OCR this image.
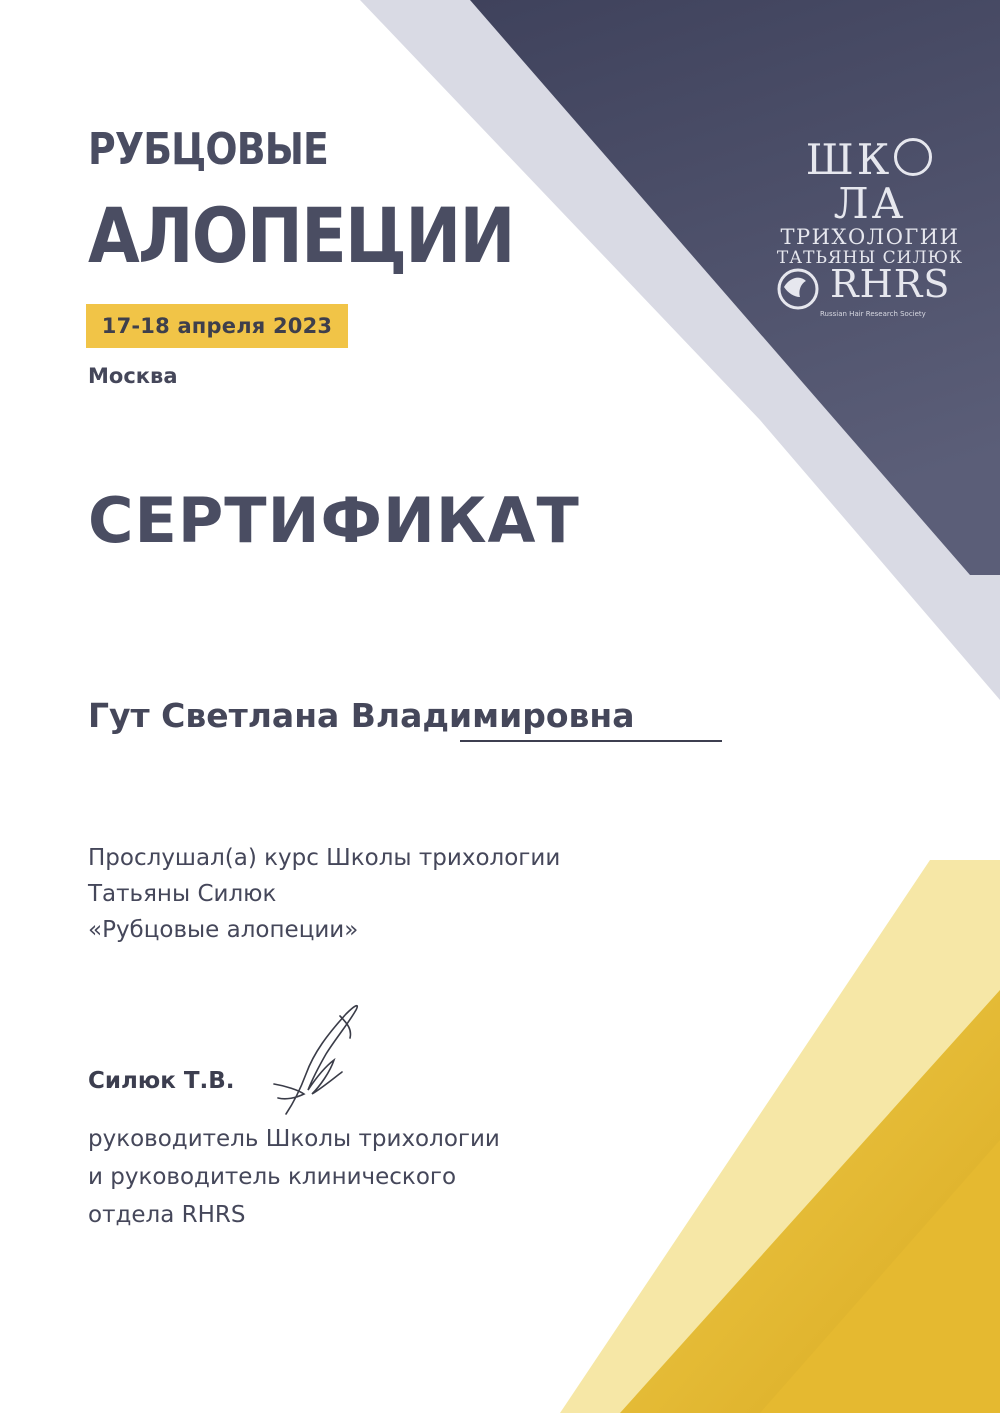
РУБЦОВЫЕ
АЛОПЕЦИИ
17-18 апреля 2023
Москва
ШКЛА
ТРИХОЛОГИИ
ТАТЬЯНЫ СИЛЮК
RHRS
Russian Hair Research Society
СЕРТИФИКАТ

Гут Светлана Владимировна

Прослушал(а) курс Школы трихологии
Татьяны Силюк
«Рубцовые алопеции»
Силюк Т.В.
руководитель Школы трихологии
и руководитель клинического
отдела RHRS
